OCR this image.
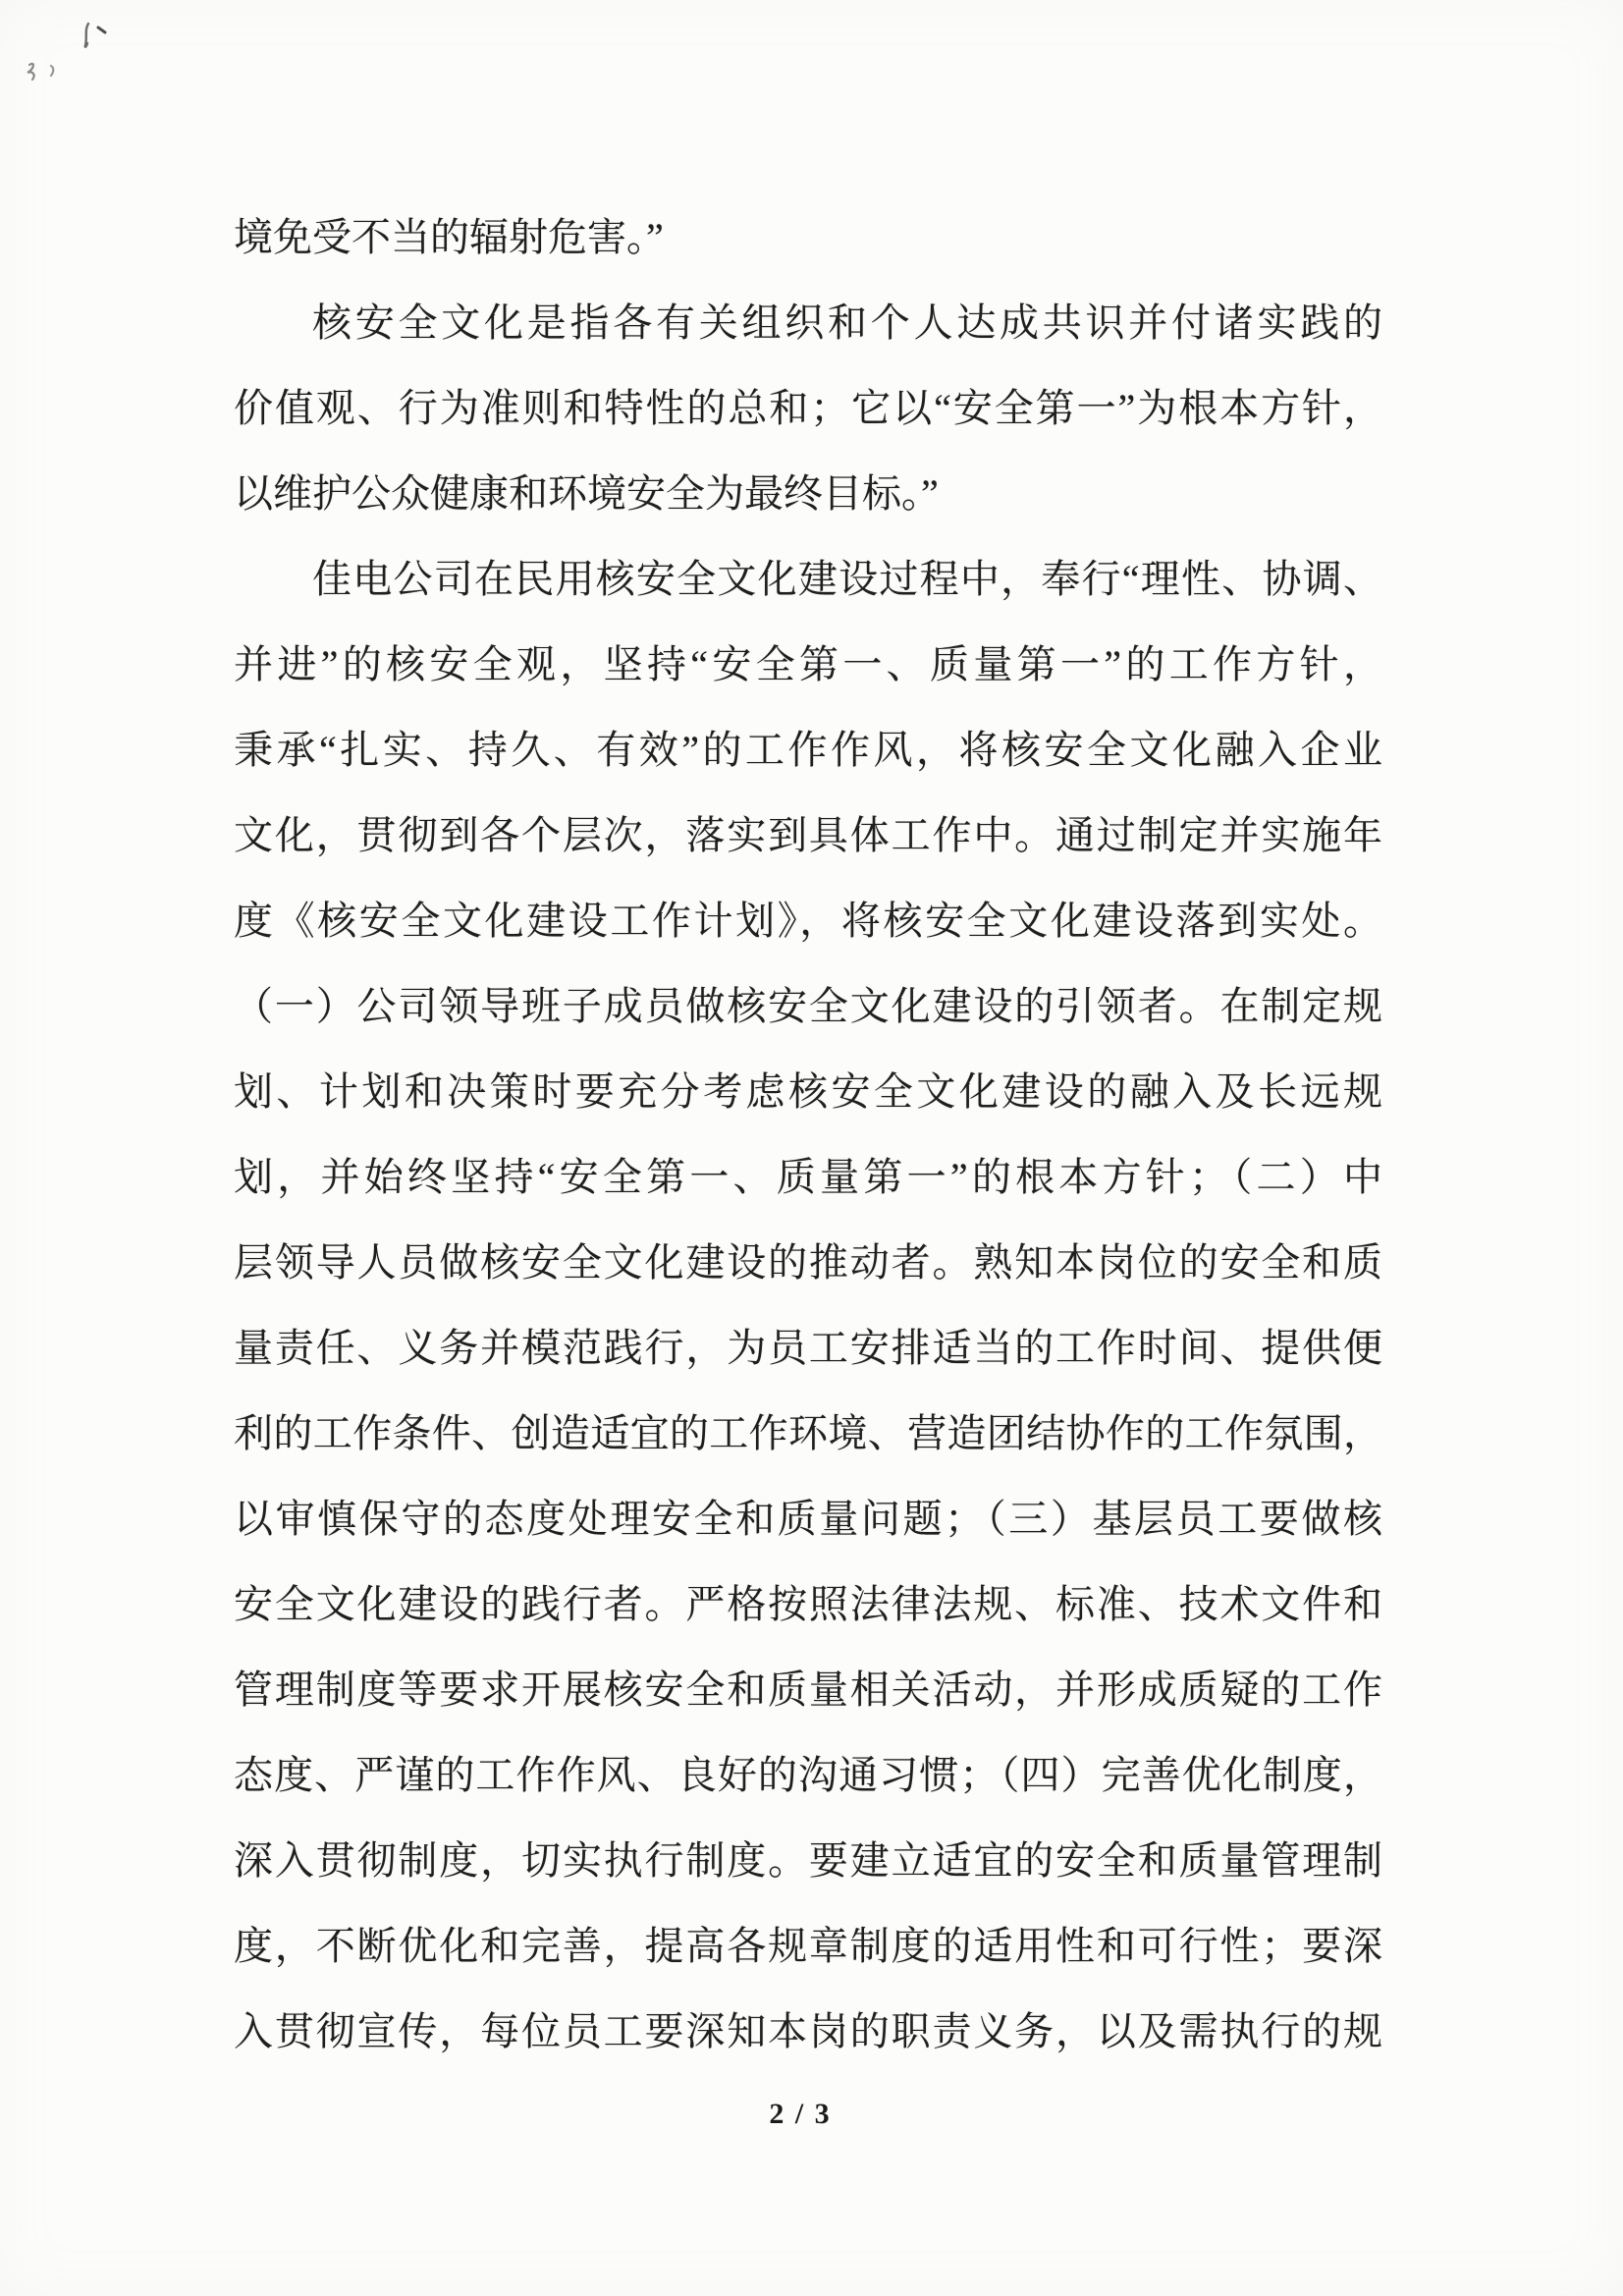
境免受不当的辐射危害。”
核安全文化是指各有关组织和个人达成共识并付诸实践的
价值观、行为准则和特性的总和；它以“安全第一”为根本方针，
以维护公众健康和环境安全为最终目标。”
佳电公司在民用核安全文化建设过程中，奉行“理性、协调、
并进”的核安全观，坚持“安全第一、质量第一”的工作方针，
秉承“扎实、持久、有效”的工作作风，将核安全文化融入企业
文化，贯彻到各个层次，落实到具体工作中。通过制定并实施年
度《核安全文化建设工作计划》，将核安全文化建设落到实处。
（一）公司领导班子成员做核安全文化建设的引领者。在制定规
划、计划和决策时要充分考虑核安全文化建设的融入及长远规
划，并始终坚持“安全第一、质量第一”的根本方针；（二）中
层领导人员做核安全文化建设的推动者。熟知本岗位的安全和质
量责任、义务并模范践行，为员工安排适当的工作时间、提供便
利的工作条件、创造适宜的工作环境、营造团结协作的工作氛围，
以审慎保守的态度处理安全和质量问题；（三）基层员工要做核
安全文化建设的践行者。严格按照法律法规、标准、技术文件和
管理制度等要求开展核安全和质量相关活动，并形成质疑的工作
态度、严谨的工作作风、良好的沟通习惯；（四）完善优化制度，
深入贯彻制度，切实执行制度。要建立适宜的安全和质量管理制
度，不断优化和完善，提高各规章制度的适用性和可行性；要深
入贯彻宣传，每位员工要深知本岗的职责义务，以及需执行的规
2 / 3
